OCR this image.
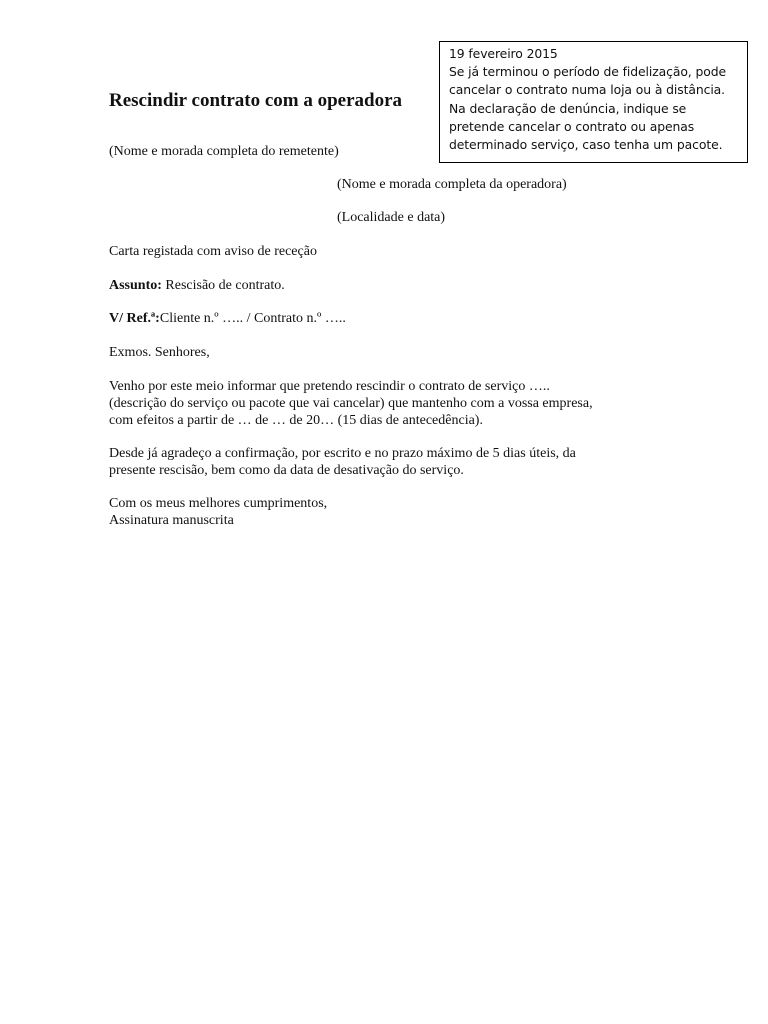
Rescindir contrato com a operadora
19 fevereiro 2015
Se já terminou o período de fidelização, pode
cancelar o contrato numa loja ou à distância.
Na declaração de denúncia, indique se
pretende cancelar o contrato ou apenas
determinado serviço, caso tenha um pacote.
(Nome e morada completa do remetente)
(Nome e morada completa da operadora)
(Localidade e data)
Carta registada com aviso de receção
Assunto: Rescisão de contrato.
V/ Ref.ª:Cliente n.º ….. / Contrato n.º …..
Exmos. Senhores,
Venho por este meio informar que pretendo rescindir o contrato de serviço …..
(descrição do serviço ou pacote que vai cancelar) que mantenho com a vossa empresa,
com efeitos a partir de … de … de 20… (15 dias de antecedência).
Desde já agradeço a confirmação, por escrito e no prazo máximo de 5 dias úteis, da
presente rescisão, bem como da data de desativação do serviço.
Com os meus melhores cumprimentos,
Assinatura manuscrita
